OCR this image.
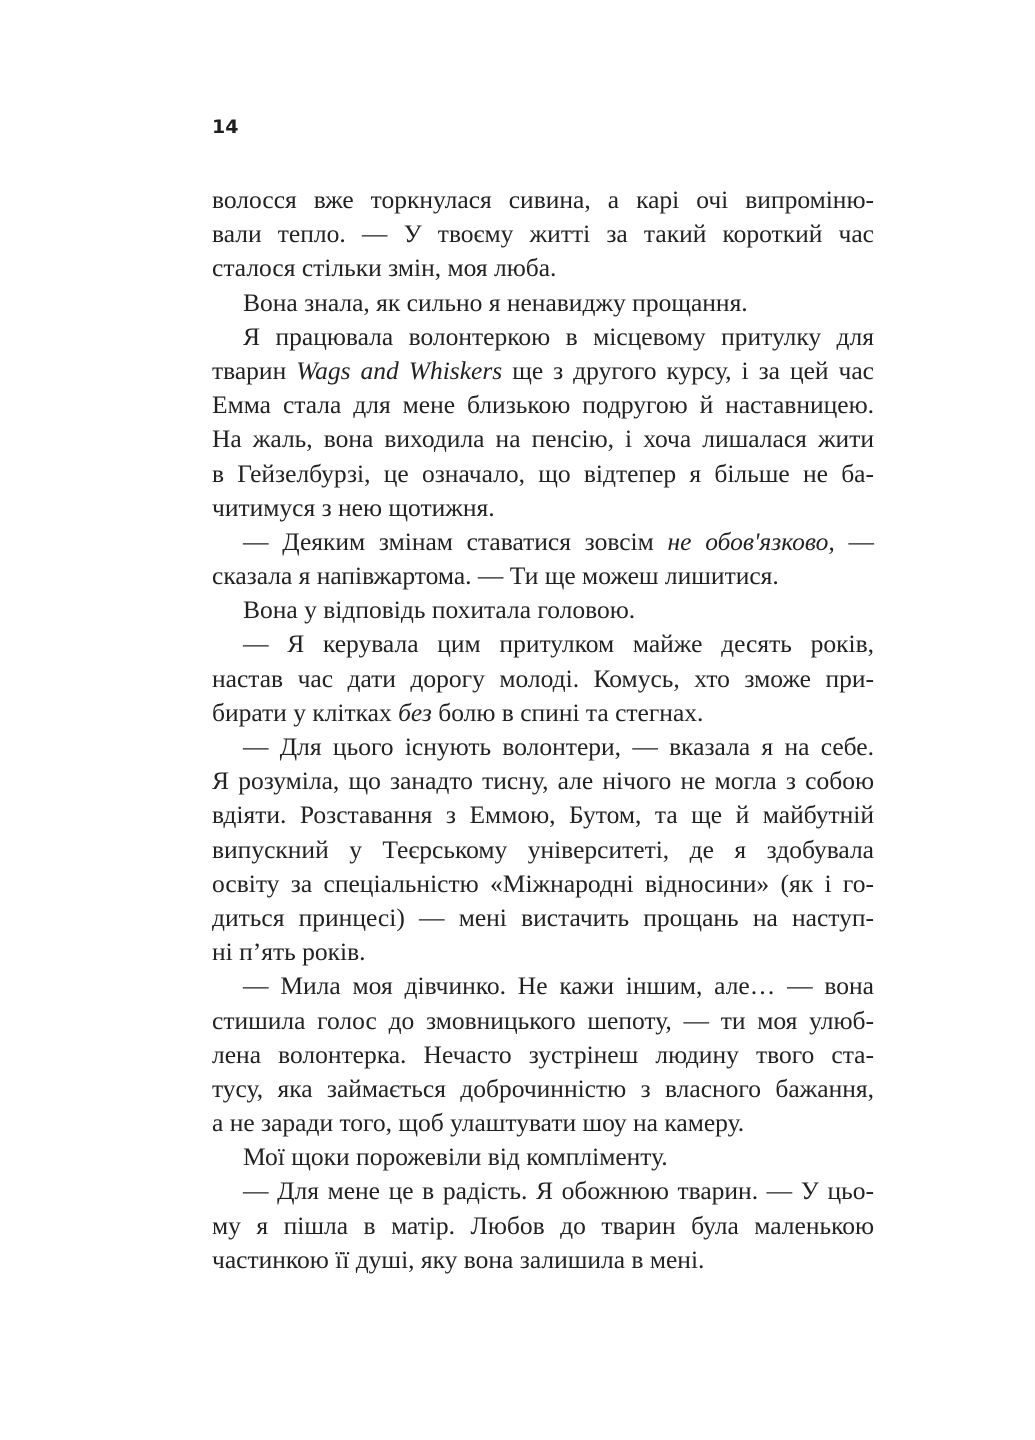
14
волосся вже торкнулася сивина, а карі очі випроміню-
вали тепло. — У твоєму житті за такий короткий час
сталося стільки змін, моя люба.
Вона знала, як сильно я ненавиджу прощання.
Я працювала волонтеркою в місцевому притулку для
тварин Wags and Whiskers ще з другого курсу, і за цей час
Емма стала для мене близькою подругою й наставницею.
На жаль, вона виходила на пенсію, і хоча лишалася жити
в Гейзелбурзі, це означало, що відтепер я більше не ба-
читимуся з нею щотижня.
— Деяким змінам ставатися зовсім не обов'язково, —
сказала я напівжартома. — Ти ще можеш лишитися.
Вона у відповідь похитала головою.
— Я керувала цим притулком майже десять років,
настав час дати дорогу молоді. Комусь, хто зможе при-
бирати у клітках без болю в спині та стегнах.
— Для цього існують волонтери, — вказала я на себе.
Я розуміла, що занадто тисну, але нічого не могла з собою
вдіяти. Розставання з Еммою, Бутом, та ще й майбутній
випускний у Теєрському університеті, де я здобувала
освіту за спеціальністю «Міжнародні відносини» (як і го-
диться принцесі) — мені вистачить прощань на наступ-
ні п’ять років.
— Мила моя дівчинко. Не кажи іншим, але… — вона
стишила голос до змовницького шепоту, — ти моя улюб-
лена волонтерка. Нечасто зустрінеш людину твого ста-
тусу, яка займається доброчинністю з власного бажання,
а не заради того, щоб улаштувати шоу на камеру.
Мої щоки порожевіли від компліменту.
— Для мене це в радість. Я обожнюю тварин. — У цьо-
му я пішла в матір. Любов до тварин була маленькою
частинкою її душі, яку вона залишила в мені.
